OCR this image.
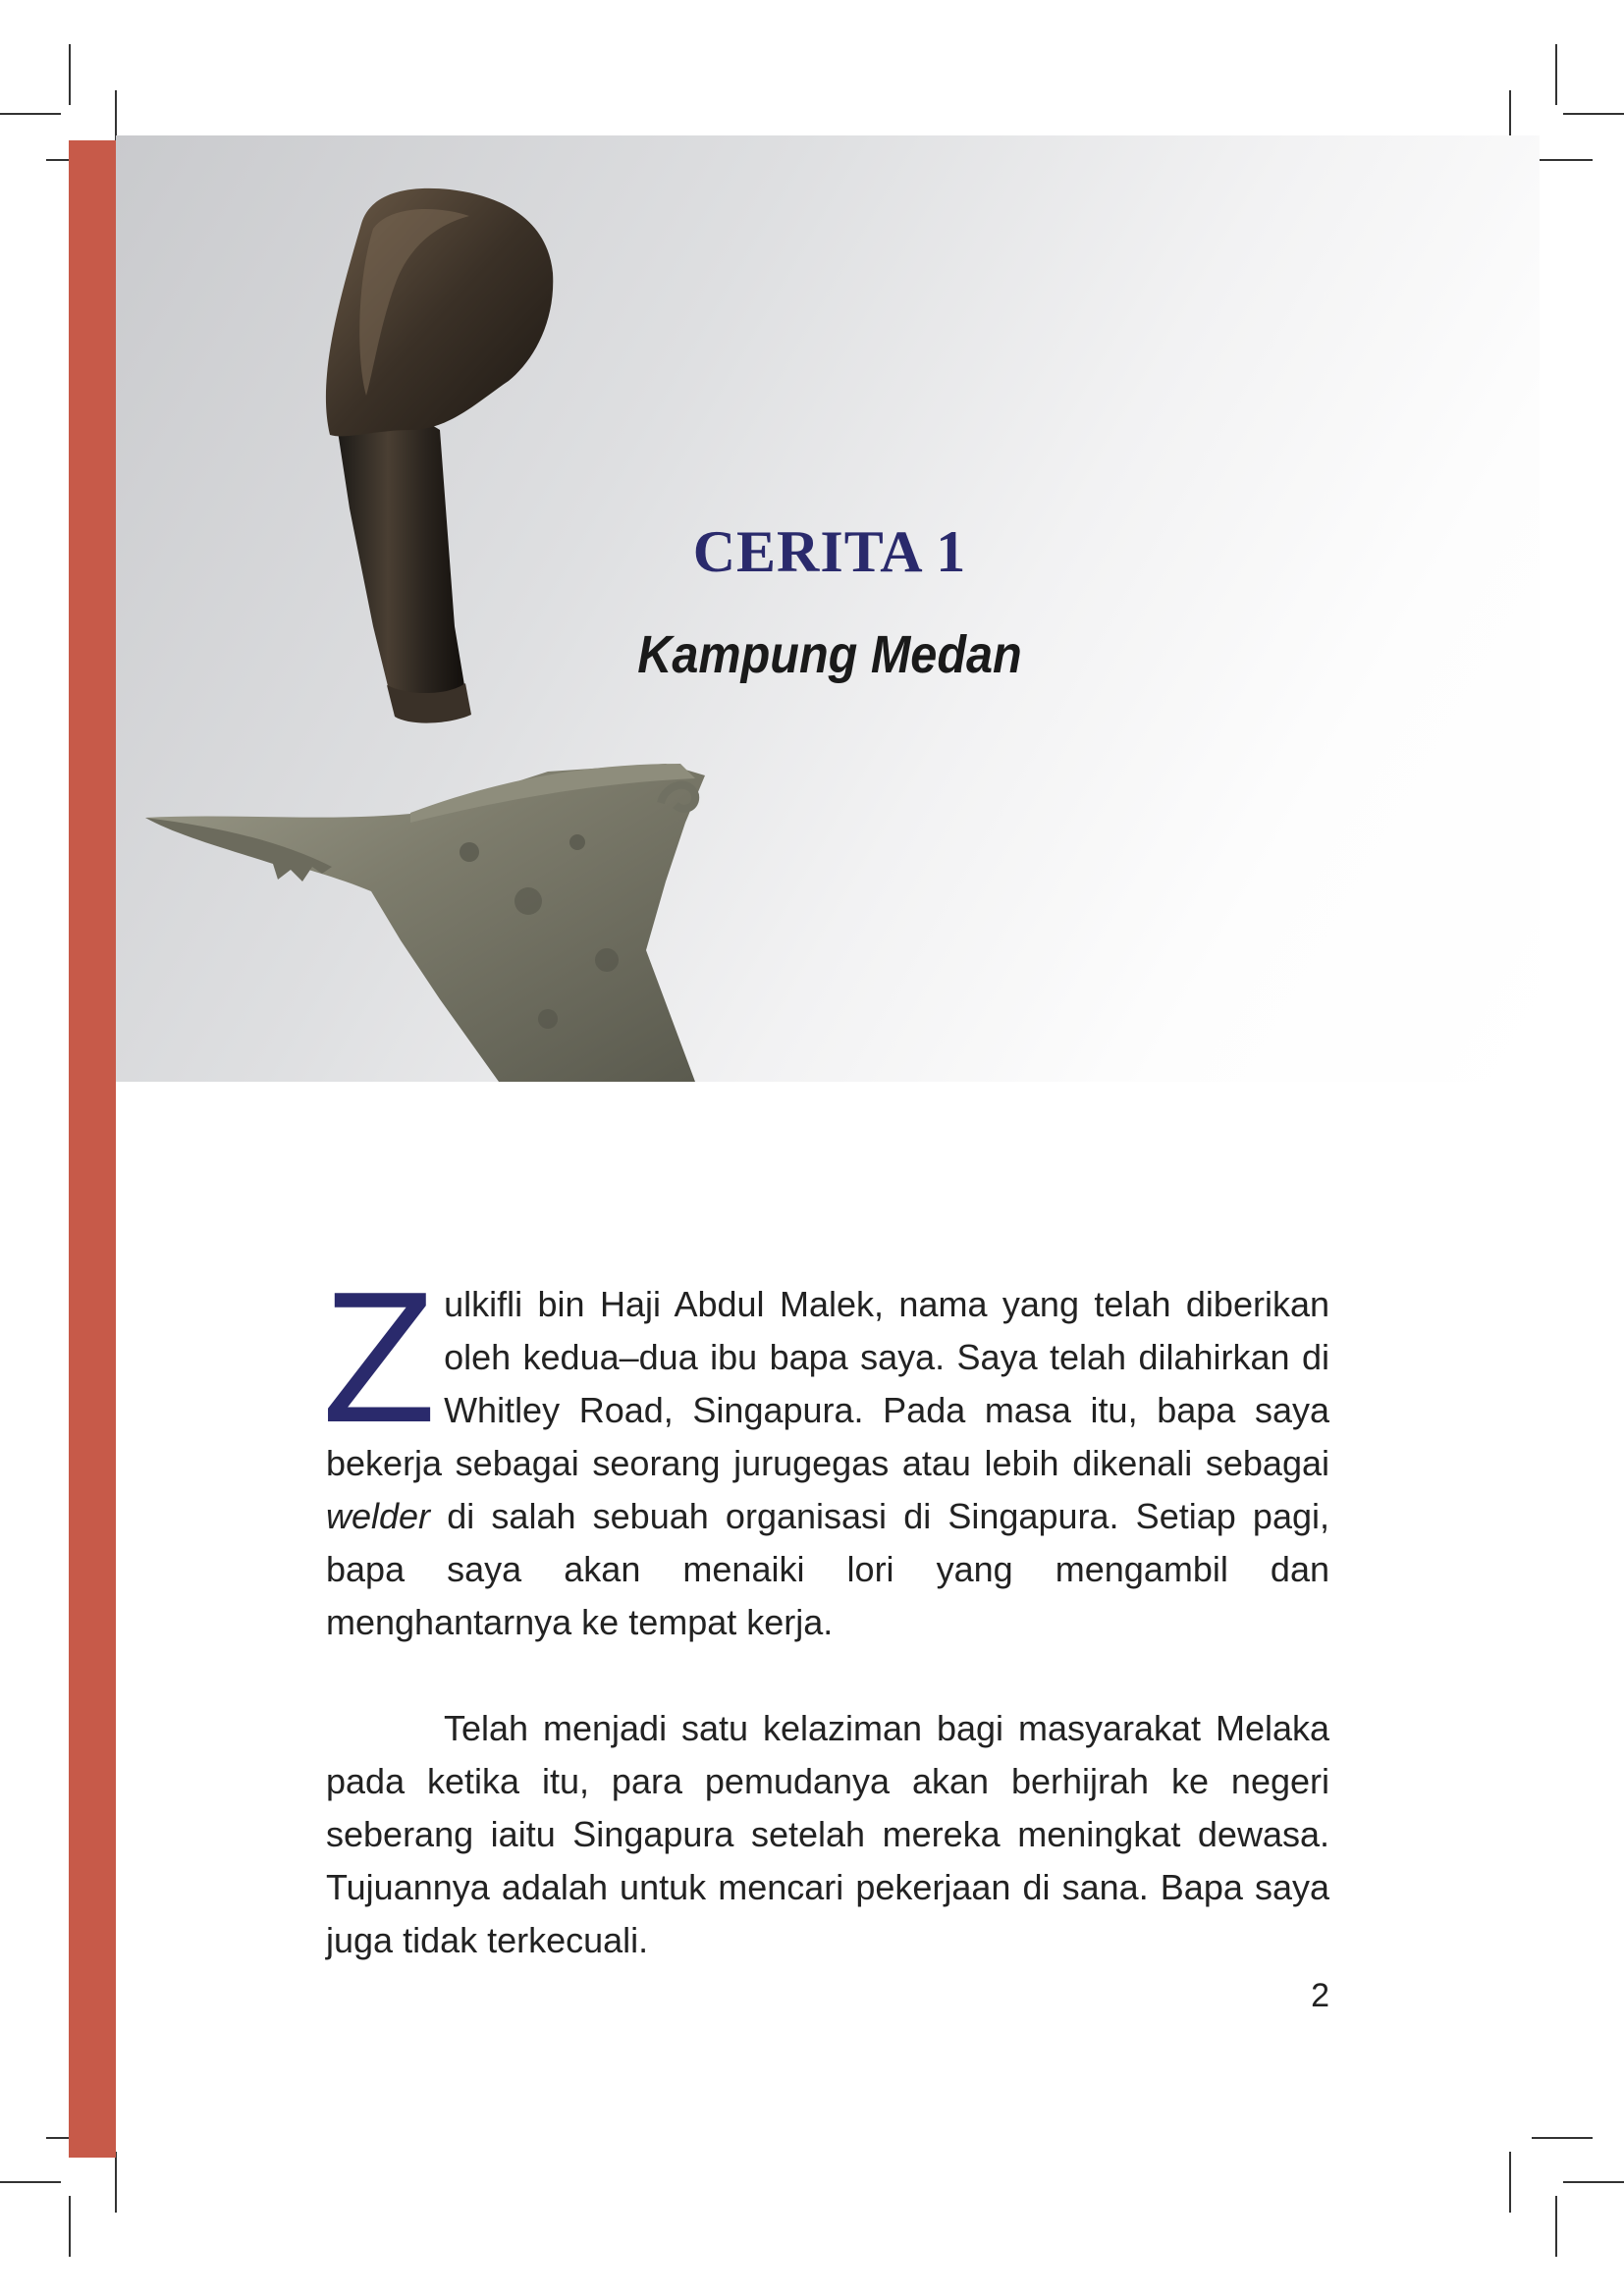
CERITA 1
Kampung Medan

Zulkifli bin Haji Abdul Malek, nama yang telah diberikan oleh kedua–dua ibu bapa saya. Saya telah dilahirkan di Whitley Road, Singapura. Pada masa itu, bapa saya bekerja sebagai seorang jurugegas atau lebih dikenali sebagai welder di salah sebuah organisasi di Singapura. Setiap pagi, bapa saya akan menaiki lori yang mengambil dan menghantarnya ke tempat kerja.

Telah menjadi satu kelaziman bagi masyarakat Melaka pada ketika itu, para pemudanya akan berhijrah ke negeri seberang iaitu Singapura setelah mereka meningkat dewasa. Tujuannya adalah untuk mencari pekerjaan di sana. Bapa saya juga tidak terkecuali.

2
